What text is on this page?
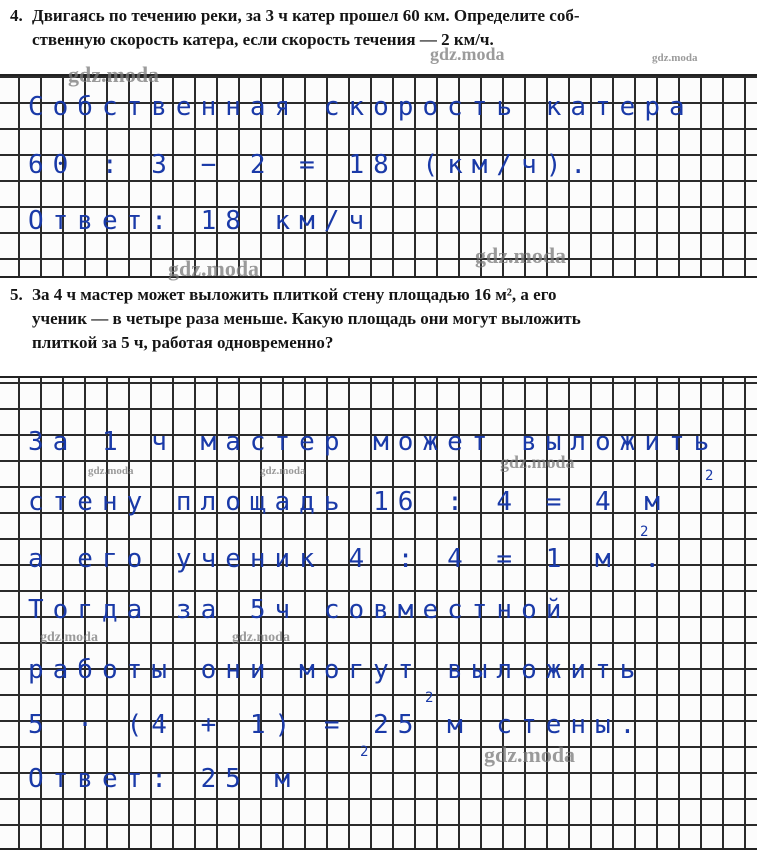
4. Двигаясь по течению реки, за 3 ч катер прошел 60 км. Определите соб-
ственную скорость катера, если скорость течения — 2 км/ч.
Собственная скорость катера
60 : 3 − 2 = 18 (км/ч).
Ответ: 18 км/ч
5. За 4 ч мастер может выложить плиткой стену площадью 16 м², а его
ученик — в четыре раза меньше. Какую площадь они могут выложить
плиткой за 5 ч, работая одновременно?
За 1 ч мастер может выложить
стену площадь 16 : 4 = 4 м
2
а его ученик 4 : 4 = 1 м .
2
Тогда за 5ч совместной
работы они могут выложить
5 · (4 + 1) = 25 м стены.
2
Ответ: 25 м
2
gdz.moda
gdz.moda	gdz.moda
gdz.moda
gdz.moda
gdz.moda	gdz.moda	gdz.moda
gdz.moda	gdz.moda
gdz.moda
